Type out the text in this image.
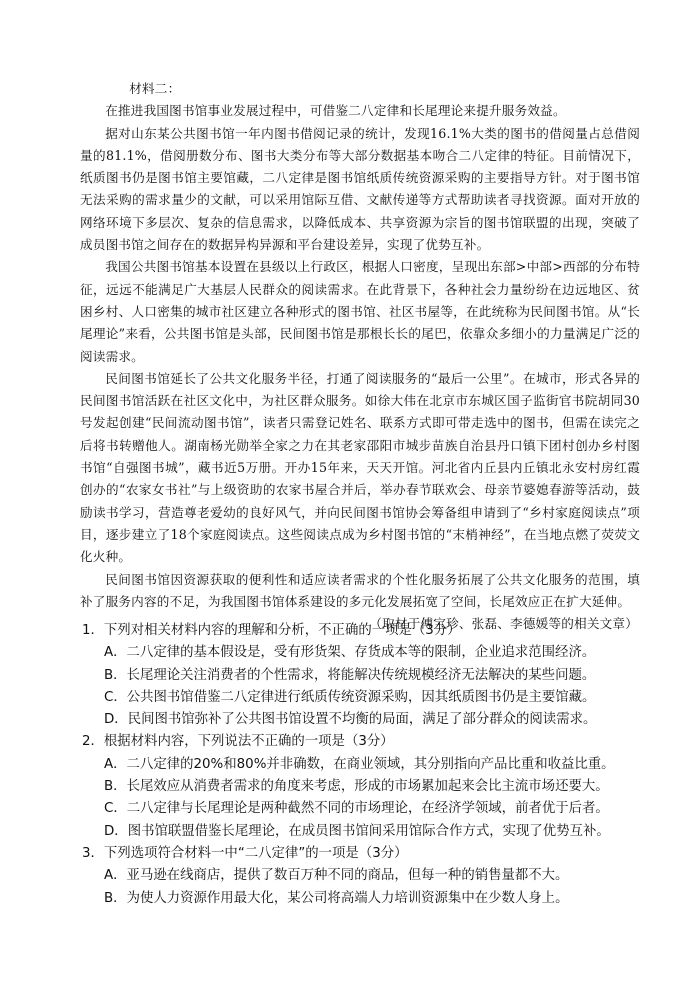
材料二：

在推进我国图书馆事业发展过程中，可借鉴二八定律和长尾理论来提升服务效益。

据对山东某公共图书馆一年内图书借阅记录的统计，发现16.1%大类的图书的借阅量占总借阅量的81.1%，借阅册数分布、图书大类分布等大部分数据基本吻合二八定律的特征。目前情况下，纸质图书仍是图书馆主要馆藏，二八定律是图书馆纸质传统资源采购的主要指导方针。对于图书馆无法采购的需求量少的文献，可以采用馆际互借、文献传递等方式帮助读者寻找资源。面对开放的网络环境下多层次、复杂的信息需求，以降低成本、共享资源为宗旨的图书馆联盟的出现，突破了成员图书馆之间存在的数据异构异源和平台建设差异，实现了优势互补。

我国公共图书馆基本设置在县级以上行政区，根据人口密度，呈现出东部>中部>西部的分布特征，远远不能满足广大基层人民群众的阅读需求。在此背景下，各种社会力量纷纷在边远地区、贫困乡村、人口密集的城市社区建立各种形式的图书馆、社区书屋等，在此统称为民间图书馆。从“长尾理论”来看，公共图书馆是头部，民间图书馆是那根长长的尾巴，依靠众多细小的力量满足广泛的阅读需求。

民间图书馆延长了公共文化服务半径，打通了阅读服务的“最后一公里”。在城市，形式各异的民间图书馆活跃在社区文化中，为社区群众服务。如徐大伟在北京市东城区国子监街官书院胡同30号发起创建“民间流动图书馆”，读者只需登记姓名、联系方式即可带走选中的图书，但需在读完之后将书转赠他人。湖南杨光勋举全家之力在其老家邵阳市城步苗族自治县丹口镇下团村创办乡村图书馆“自强图书城”，藏书近5万册。开办15年来，天天开馆。河北省内丘县内丘镇北永安村房红霞创办的“农家女书社”与上级资助的农家书屋合并后，举办春节联欢会、母亲节婆媳春游等活动，鼓励读书学习，营造尊老爱幼的良好风气，并向民间图书馆协会筹备组申请到了“乡村家庭阅读点”项目，逐步建立了18个家庭阅读点。这些阅读点成为乡村图书馆的“末梢神经”，在当地点燃了荧荧文化火种。

民间图书馆因资源获取的便利性和适应读者需求的个性化服务拓展了公共文化服务的范围，填补了服务内容的不足，为我国图书馆体系建设的多元化发展拓宽了空间，长尾效应正在扩大延伸。

（取材于傅宝珍、张磊、李德媛等的相关文章）

1．下列对相关材料内容的理解和分析，不正确的一项是（3分）

A．二八定律的基本假设是，受有形货架、存货成本等的限制，企业追求范围经济。

B．长尾理论关注消费者的个性需求，将能解决传统规模经济无法解决的某些问题。

C．公共图书馆借鉴二八定律进行纸质传统资源采购，因其纸质图书仍是主要馆藏。

D．民间图书馆弥补了公共图书馆设置不均衡的局面，满足了部分群众的阅读需求。

2．根据材料内容，下列说法不正确的一项是（3分）

A．二八定律的20%和80%并非确数，在商业领域，其分别指向产品比重和收益比重。

B．长尾效应从消费者需求的角度来考虑，形成的市场累加起来会比主流市场还要大。

C．二八定律与长尾理论是两种截然不同的市场理论，在经济学领域，前者优于后者。

D．图书馆联盟借鉴长尾理论，在成员图书馆间采用馆际合作方式，实现了优势互补。

3．下列选项符合材料一中“二八定律”的一项是（3分）

A．亚马逊在线商店，提供了数百万种不同的商品，但每一种的销售量都不大。

B．为使人力资源作用最大化，某公司将高端人力培训资源集中在少数人身上。
